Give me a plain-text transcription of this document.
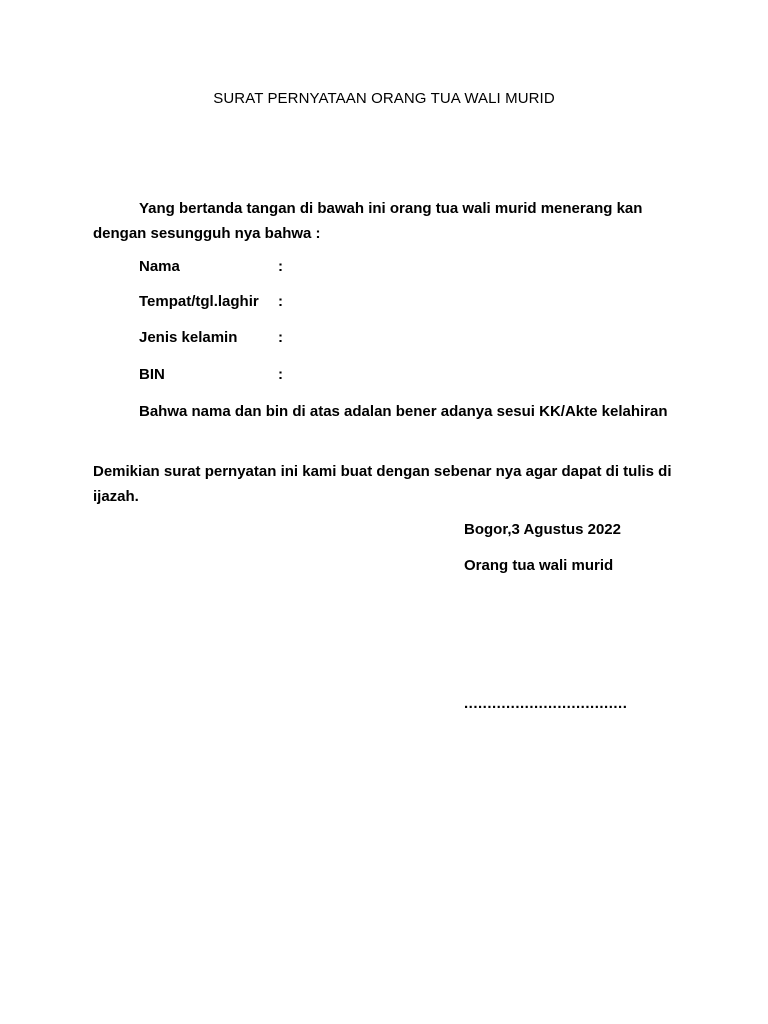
SURAT PERNYATAAN ORANG TUA WALI MURID
Yang bertanda tangan di bawah ini orang tua wali murid menerang kan dengan sesungguh nya bahwa :
Nama	:
Tempat/tgl.laghir :
Jenis kelamin	:
BIN	:
Bahwa nama dan bin di atas adalan bener adanya sesui KK/Akte kelahiran
Demikian surat pernyatan ini kami buat dengan sebenar nya agar dapat di tulis di ijazah.
Bogor,3 Agustus 2022
Orang tua wali murid
...................................
